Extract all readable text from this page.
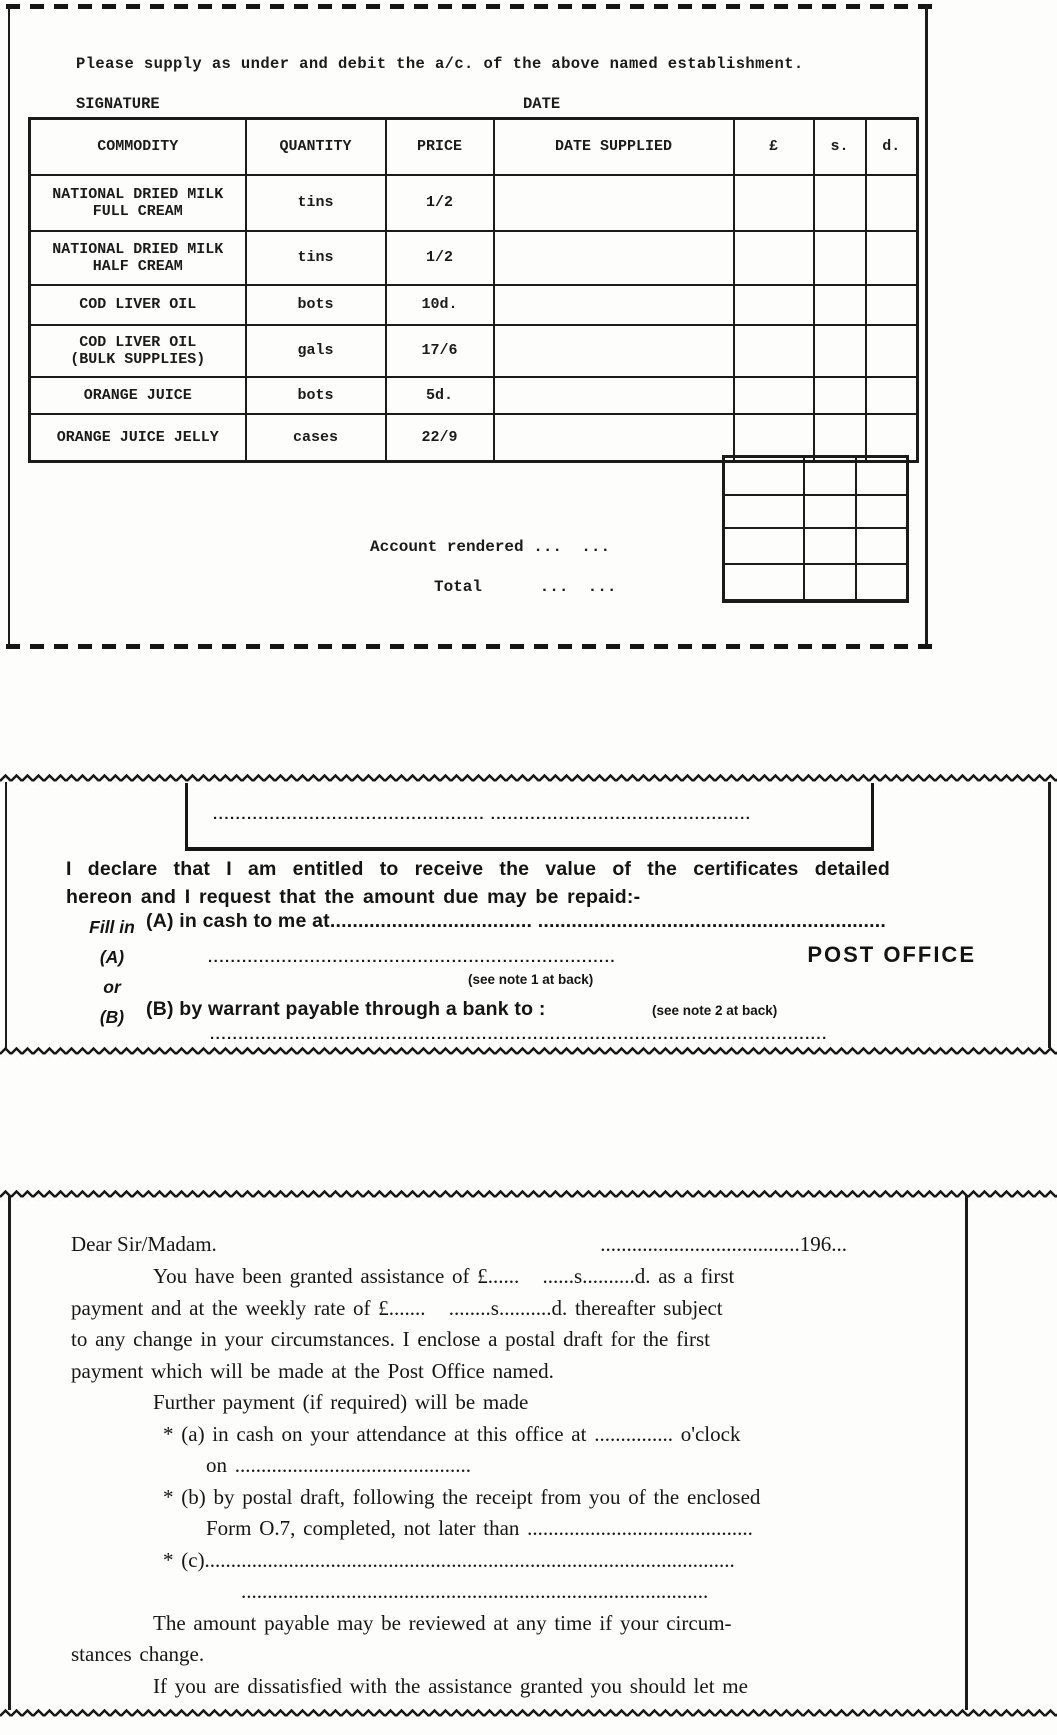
Please supply as under and debit the a/c. of the above named establishment.
SIGNATURE	DATE
COMMODITY	QUANTITY	PRICE	DATE SUPPLIED	£	s.	d.

NATIONAL DRIED MILK
FULL CREAM	tins	1/2				

NATIONAL DRIED MILK
HALF CREAM	tins	1/2				

COD LIVER OIL	bots	10d.				

COD LIVER OIL
(BULK SUPPLIES)	gals	17/6				

ORANGE JUICE	bots	5d.				

ORANGE JUICE JELLY	cases	22/9				

Account rendered ...  ...
Total      ...  ...
................................................ ..............................................
I declare that I am entitled to receive the value of the certificates detailed
hereon and I request that the amount due may be repaid:-
Fill in
(A)
or
(B)
(A) in cash to me at.................................... ..............................................................
........................................................................	POST OFFICE
(see note 1 at back)
(B) by warrant payable through a bank to :	(see note 2 at back)
.............................................................................................................
Dear Sir/Madam.	......................................196...
You have been granted assistance of £......   ......s..........d. as a first
payment and at the weekly rate of £.......   ........s..........d. thereafter subject
to any change in your circumstances. I enclose a postal draft for the first
payment which will be made at the Post Office named.
Further payment (if required) will be made
* (a) in cash on your attendance at this office at ............... o'clock
on .............................................
* (b) by postal draft, following the receipt from you of the enclosed
Form O.7, completed, not later than ...........................................
* (c).....................................................................................................
.........................................................................................
The amount payable may be reviewed at any time if your circum-
stances change.
If you are dissatisfied with the assistance granted you should let me
